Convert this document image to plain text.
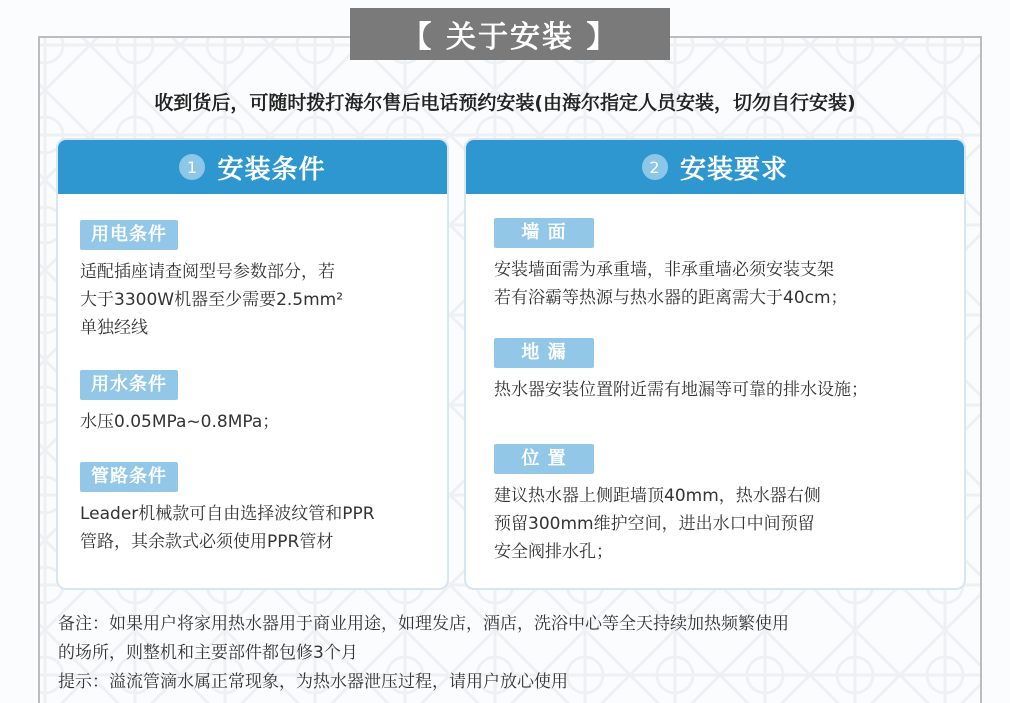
【 关于安装 】
收到货后，可随时拨打海尔售后电话预约安装(由海尔指定人员安装，切勿自行安装)
1 安装条件
用电条件
适配插座请查阅型号参数部分，若
大于3300W机器至少需要2.5mm²
单独经线
用水条件
水压0.05MPa~0.8MPa；
管路条件
Leader机械款可自由选择波纹管和PPR
管路，其余款式必须使用PPR管材
2 安装要求
墙 面
安装墙面需为承重墙，非承重墙必须安装支架
若有浴霸等热源与热水器的距离需大于40cm；
地 漏
热水器安装位置附近需有地漏等可靠的排水设施；
位 置
建议热水器上侧距墙顶40mm，热水器右侧
预留300mm维护空间，进出水口中间预留
安全阀排水孔；
备注：如果用户将家用热水器用于商业用途，如理发店，酒店，洗浴中心等全天持续加热频繁使用
的场所，则整机和主要部件都包修3个月
提示：溢流管滴水属正常现象，为热水器泄压过程，请用户放心使用
